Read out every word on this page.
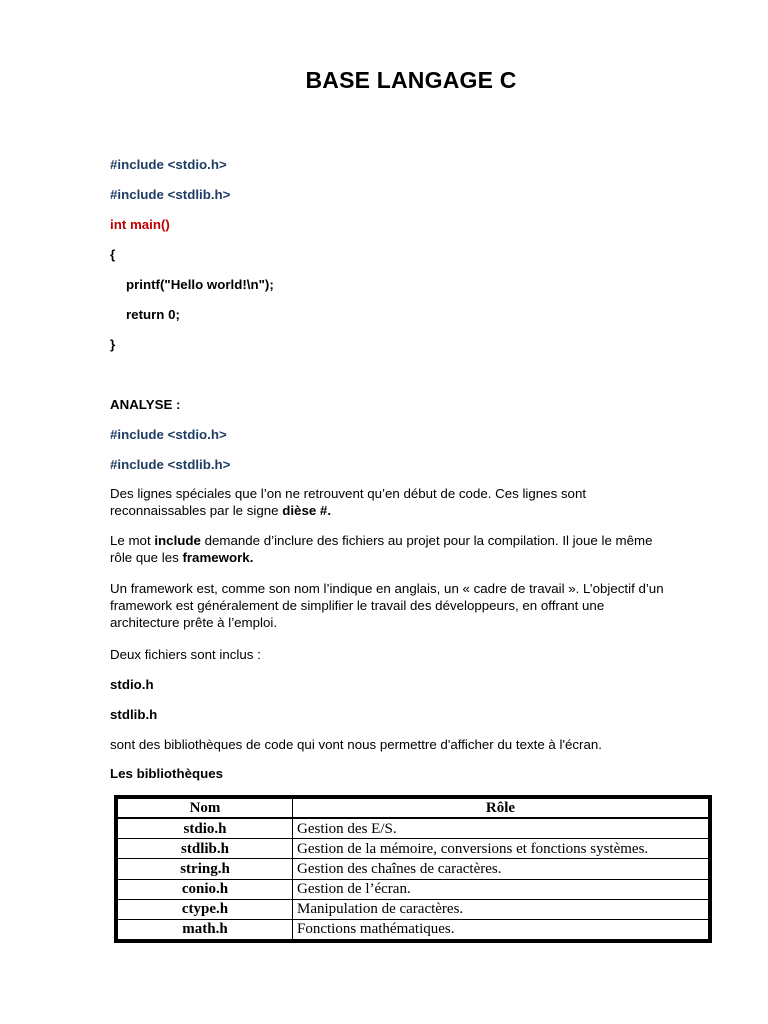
BASE LANGAGE C
#include <stdio.h>
#include <stdlib.h>
int main()
{
printf("Hello world!\n");
return 0;
}
ANALYSE :
#include <stdio.h>
#include <stdlib.h>

Des lignes spéciales que l’on ne retrouvent qu’en début de code. Ces lignes sont

reconnaissables par le signe dièse #.

Le mot include demande d’inclure des fichiers au projet pour la compilation. Il joue le même

rôle que les framework.

Un framework est, comme son nom l’indique en anglais, un « cadre de travail ». L’objectif d’un

framework est généralement de simplifier le travail des développeurs, en offrant une

architecture prête à l’emploi.

Deux fichiers sont inclus :
stdio.h
stdlib.h
sont des bibliothèques de code qui vont nous permettre d'afficher du texte à l'écran.
Les bibliothèques
Nom	Rôle
stdio.h	Gestion des E/S.
stdlib.h	Gestion de la mémoire, conversions et fonctions systèmes.
string.h	Gestion des chaînes de caractères.
conio.h	Gestion de l’écran.
ctype.h	Manipulation de caractères.
math.h	Fonctions mathématiques.
